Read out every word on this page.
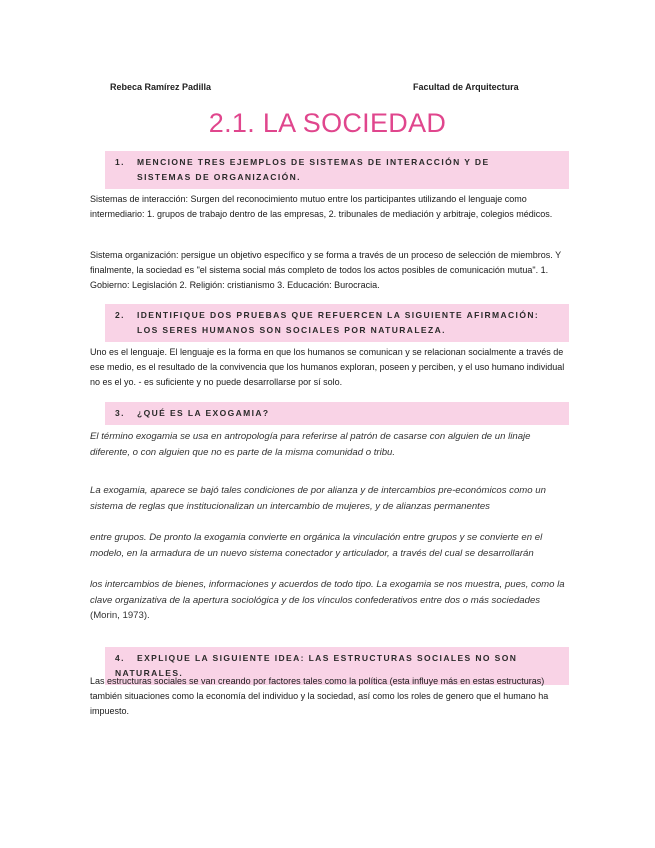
Rebeca Ramírez Padilla	Facultad de Arquitectura
2.1. LA SOCIEDAD
1. MENCIONE TRES EJEMPLOS DE SISTEMAS DE INTERACCIÓN Y DE SISTEMAS DE ORGANIZACIÓN.
Sistemas de interacción: Surgen del reconocimiento mutuo entre los participantes utilizando el lenguaje como intermediario: 1. grupos de trabajo dentro de las empresas, 2. tribunales de mediación y arbitraje, colegios médicos.
Sistema organización: persigue un objetivo específico y se forma a través de un proceso de selección de miembros. Y finalmente, la sociedad es "el sistema social más completo de todos los actos posibles de comunicación mutua". 1. Gobierno: Legislación 2. Religión: cristianismo 3. Educación: Burocracia.
2. IDENTIFIQUE DOS PRUEBAS QUE REFUERCEN LA SIGUIENTE AFIRMACIÓN: LOS SERES HUMANOS SON SOCIALES POR NATURALEZA.
Uno es el lenguaje. El lenguaje es la forma en que los humanos se comunican y se relacionan socialmente a través de ese medio, es el resultado de la convivencia que los humanos exploran, poseen y perciben, y el uso humano individual no es el yo. - es suficiente y no puede desarrollarse por sí solo.
3. ¿QUÉ ES LA EXOGAMIA?
El término exogamia se usa en antropología para referirse al patrón de casarse con alguien de un linaje diferente, o con alguien que no es parte de la misma comunidad o tribu.
La exogamia, aparece se bajó tales condiciones de por alianza y de intercambios pre-económicos como un sistema de reglas que institucionalizan un intercambio de mujeres, y de alianzas permanentes
entre grupos. De pronto la exogamia convierte en orgánica la vinculación entre grupos y se convierte en el modelo, en la armadura de un nuevo sistema conectador y articulador, a través del cual se desarrollarán
los intercambios de bienes, informaciones y acuerdos de todo tipo. La exogamia se nos muestra, pues, como la clave organizativa de la apertura sociológica y de los vínculos confederativos entre dos o más sociedades (Morin, 1973).
4. EXPLIQUE LA SIGUIENTE IDEA: LAS ESTRUCTURAS SOCIALES NO SON NATURALES.
Las estructuras sociales se van creando por factores tales como la política (esta influye más en estas estructuras) también situaciones como la economía del individuo y la sociedad, así como los roles de genero que el humano ha impuesto.
